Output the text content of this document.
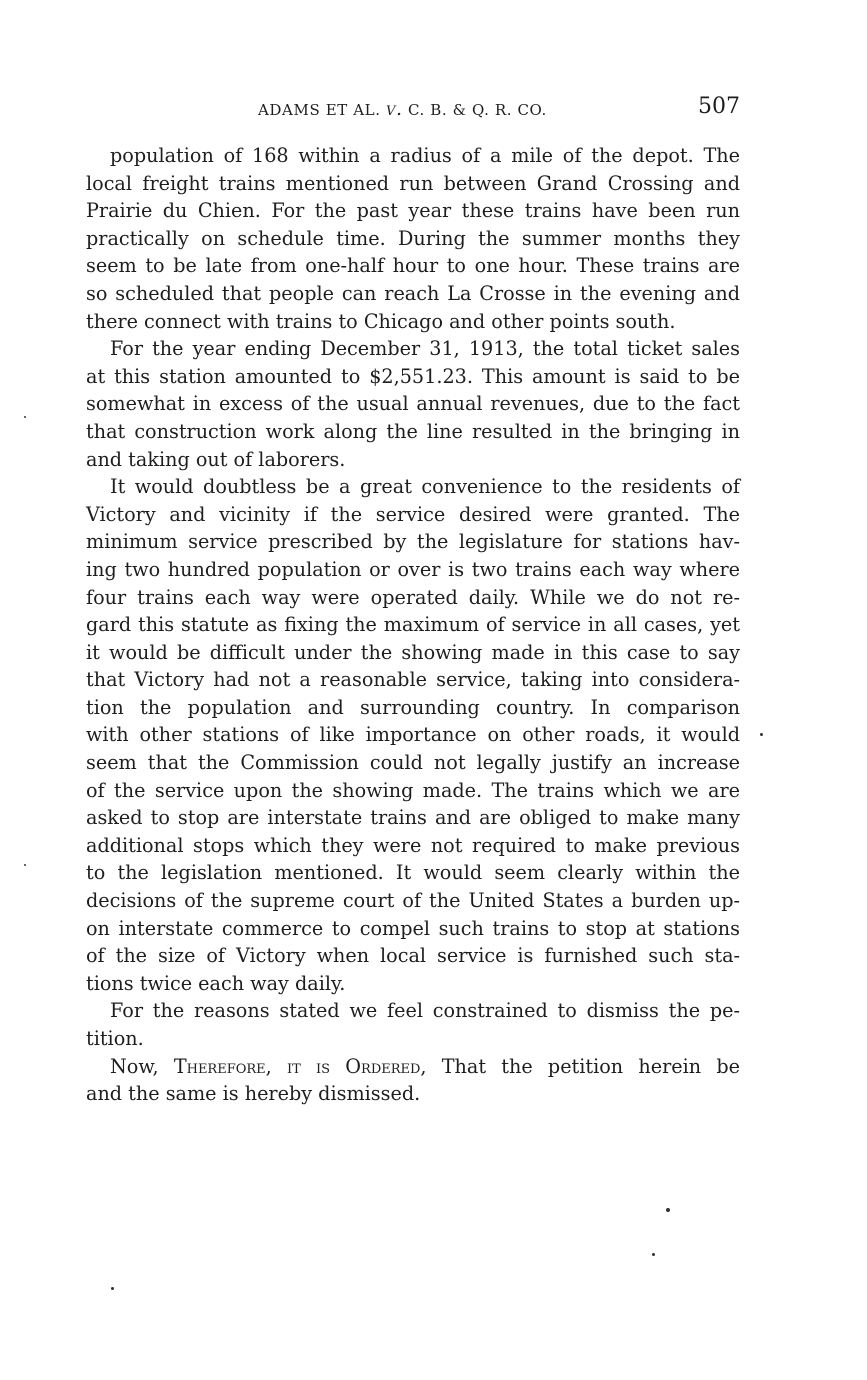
ADAMS ET AL. v. C. B. & Q. R. CO.	507
population of 168 within a radius of a mile of the depot. The
local freight trains mentioned run between Grand Crossing and
Prairie du Chien. For the past year these trains have been run
practically on schedule time. During the summer months they
seem to be late from one-half hour to one hour. These trains are
so scheduled that people can reach La Crosse in the evening and
there connect with trains to Chicago and other points south.
For the year ending December 31, 1913, the total ticket sales
at this station amounted to $2,551.23. This amount is said to be
somewhat in excess of the usual annual revenues, due to the fact
that construction work along the line resulted in the bringing in
and taking out of laborers.
It would doubtless be a great convenience to the residents of
Victory and vicinity if the service desired were granted. The
minimum service prescribed by the legislature for stations hav-
ing two hundred population or over is two trains each way where
four trains each way were operated daily. While we do not re-
gard this statute as fixing the maximum of service in all cases, yet
it would be difficult under the showing made in this case to say
that Victory had not a reasonable service, taking into considera-
tion the population and surrounding country. In comparison
with other stations of like importance on other roads, it would
seem that the Commission could not legally justify an increase
of the service upon the showing made. The trains which we are
asked to stop are interstate trains and are obliged to make many
additional stops which they were not required to make previous
to the legislation mentioned. It would seem clearly within the
decisions of the supreme court of the United States a burden up-
on interstate commerce to compel such trains to stop at stations
of the size of Victory when local service is furnished such sta-
tions twice each way daily.
For the reasons stated we feel constrained to dismiss the pe-
tition.
Now, Therefore, it is Ordered, That the petition herein be
and the same is hereby dismissed.
